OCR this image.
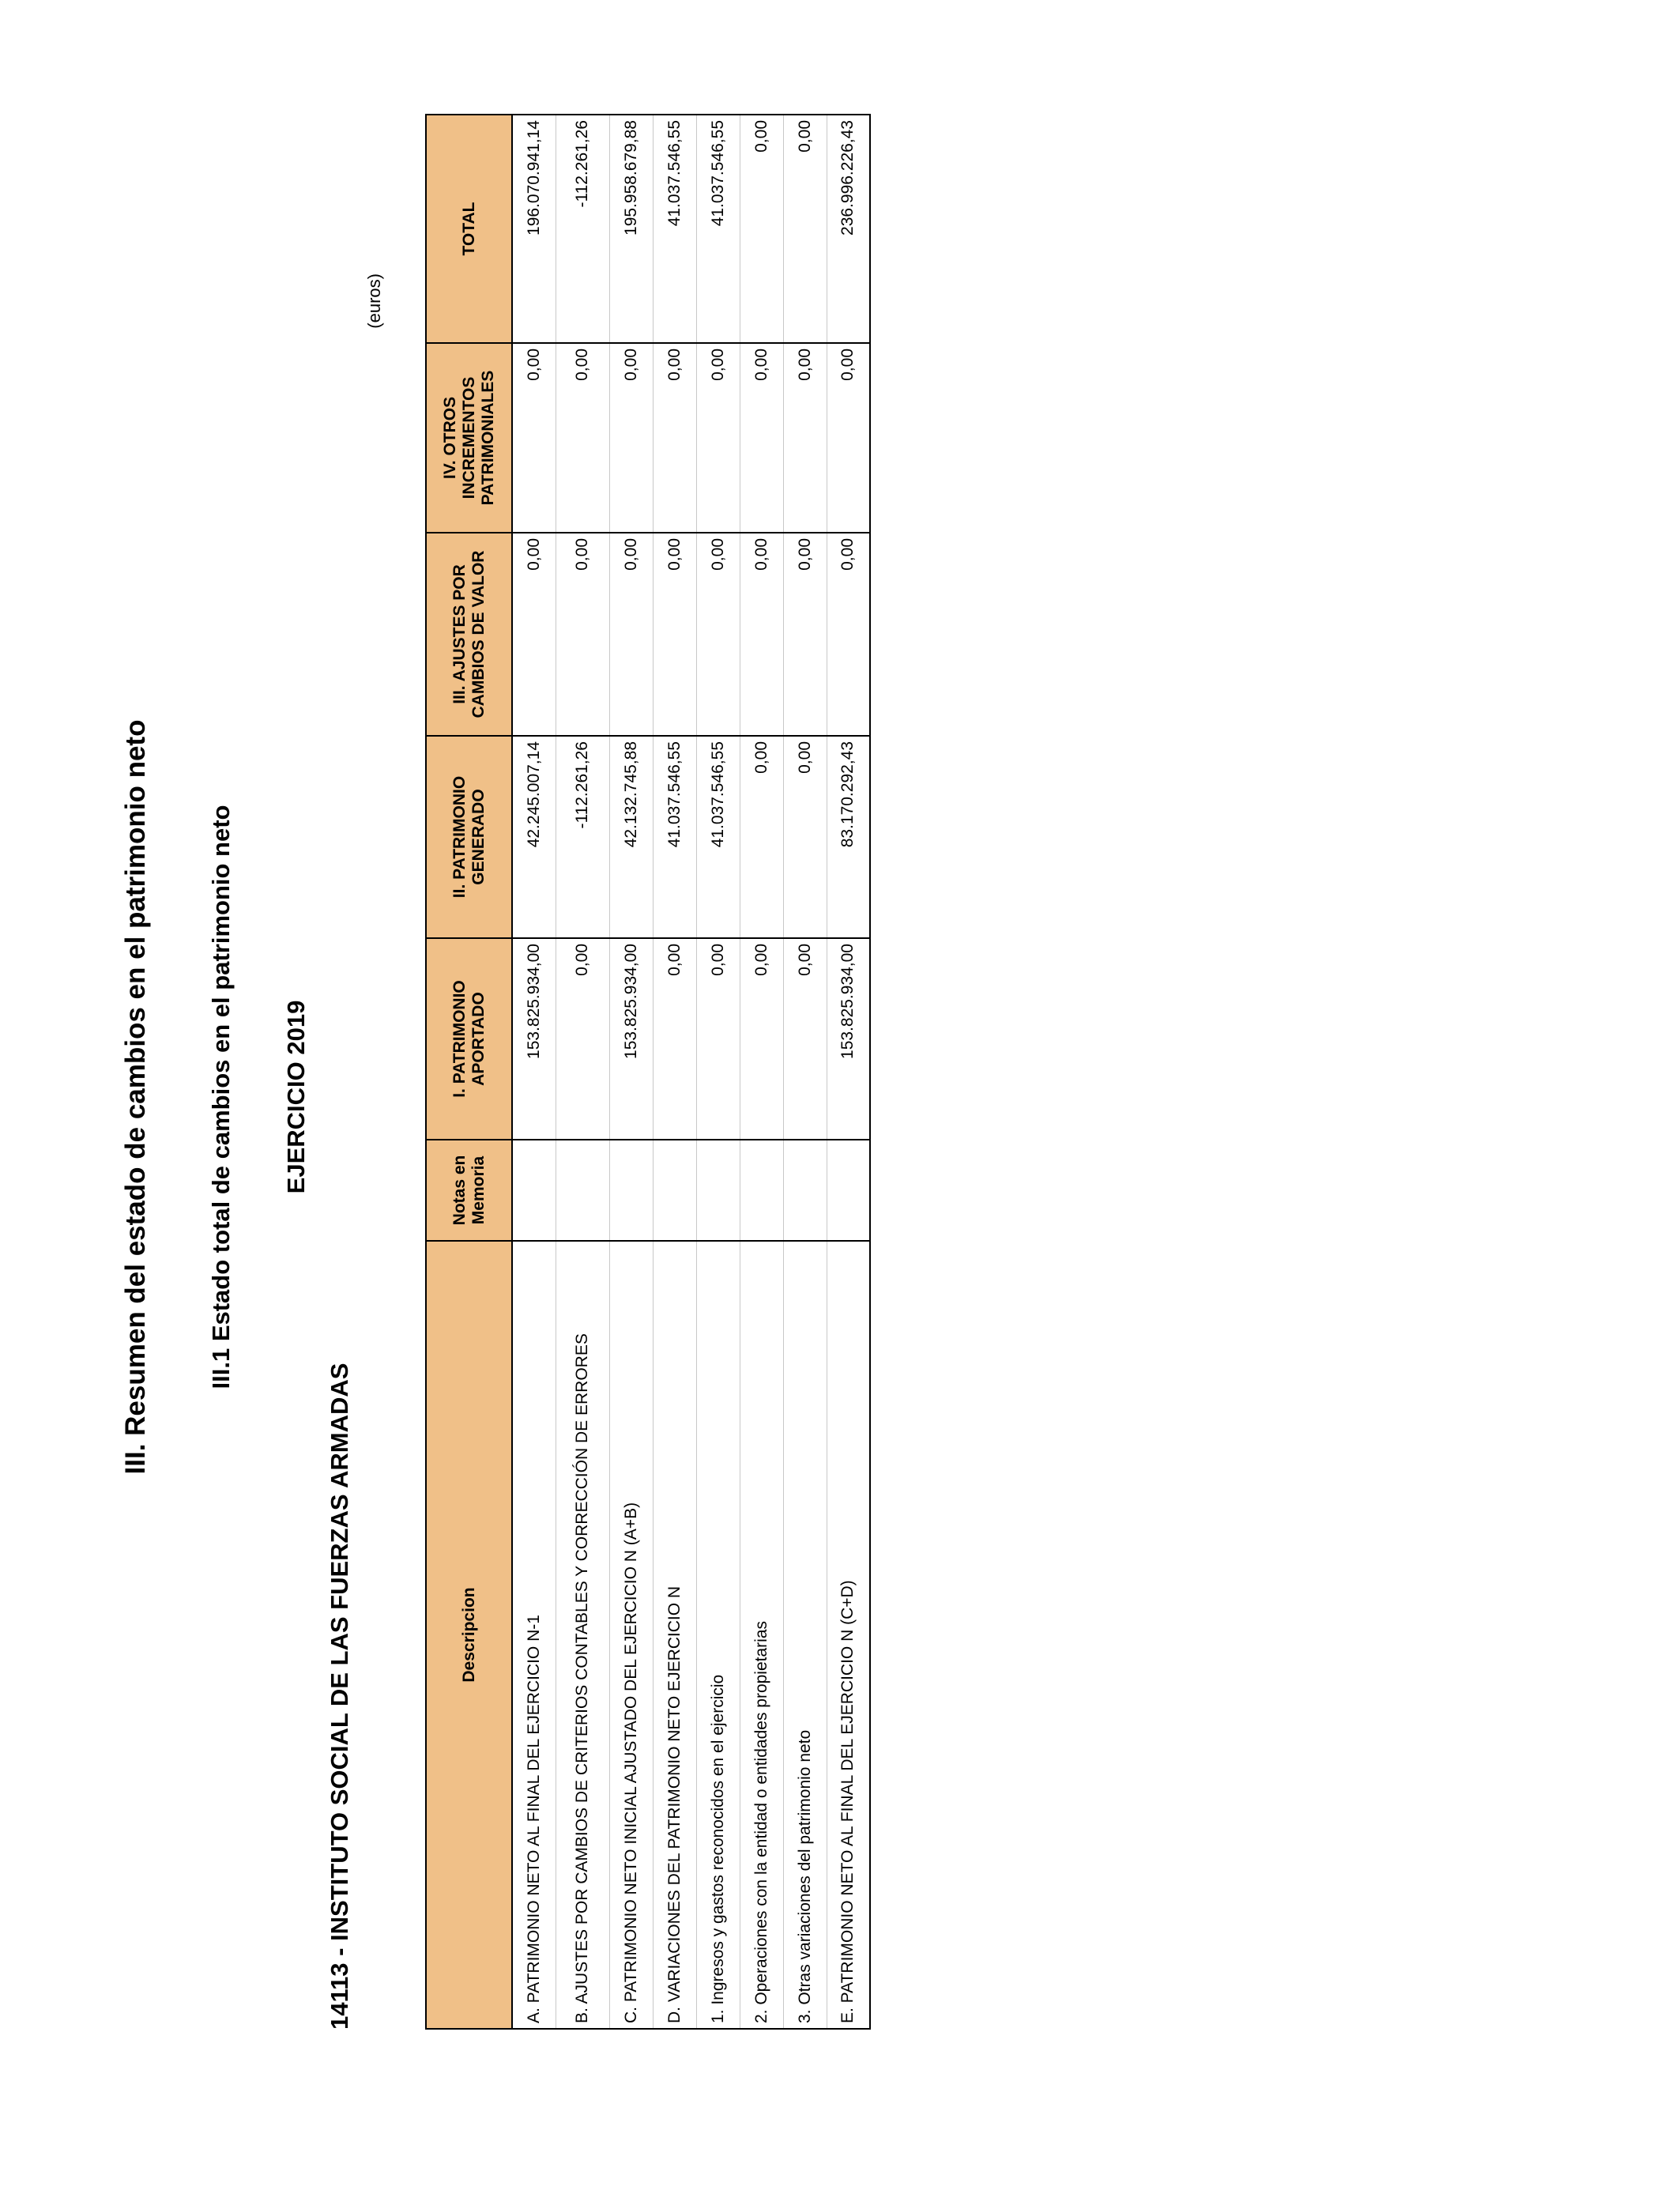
III. Resumen del estado de cambios en el patrimonio neto III.1 Estado total de cambios en el patrimonio neto EJERCICIO 2019
14113 - INSTITUTO SOCIAL DE LAS FUERZAS ARMADAS
(euros)
Descripcion	Notas en Memoria	I. PATRIMONIO APORTADO	II. PATRIMONIO GENERADO	III. AJUSTES POR CAMBIOS DE VALOR	IV. OTROS INCREMENTOS PATRIMONIALES	TOTAL
A. PATRIMONIO NETO AL FINAL DEL EJERCICIO N-1		153.825.934,00	42.245.007,14	0,00	0,00	196.070.941,14
B. AJUSTES POR CAMBIOS DE CRITERIOS CONTABLES Y CORRECCIÓN DE ERRORES		0,00	-112.261,26	0,00	0,00	-112.261,26
C. PATRIMONIO NETO INICIAL AJUSTADO DEL EJERCICIO N (A+B)		153.825.934,00	42.132.745,88	0,00	0,00	195.958.679,88
D. VARIACIONES DEL PATRIMONIO NETO EJERCICIO N		0,00	41.037.546,55	0,00	0,00	41.037.546,55
1. Ingresos y gastos reconocidos en el ejercicio		0,00	41.037.546,55	0,00	0,00	41.037.546,55
2. Operaciones con la entidad o entidades propietarias		0,00	0,00	0,00	0,00	0,00
3. Otras variaciones del patrimonio neto		0,00	0,00	0,00	0,00	0,00
E. PATRIMONIO NETO AL FINAL DEL EJERCICIO N (C+D)		153.825.934,00	83.170.292,43	0,00	0,00	236.996.226,43
